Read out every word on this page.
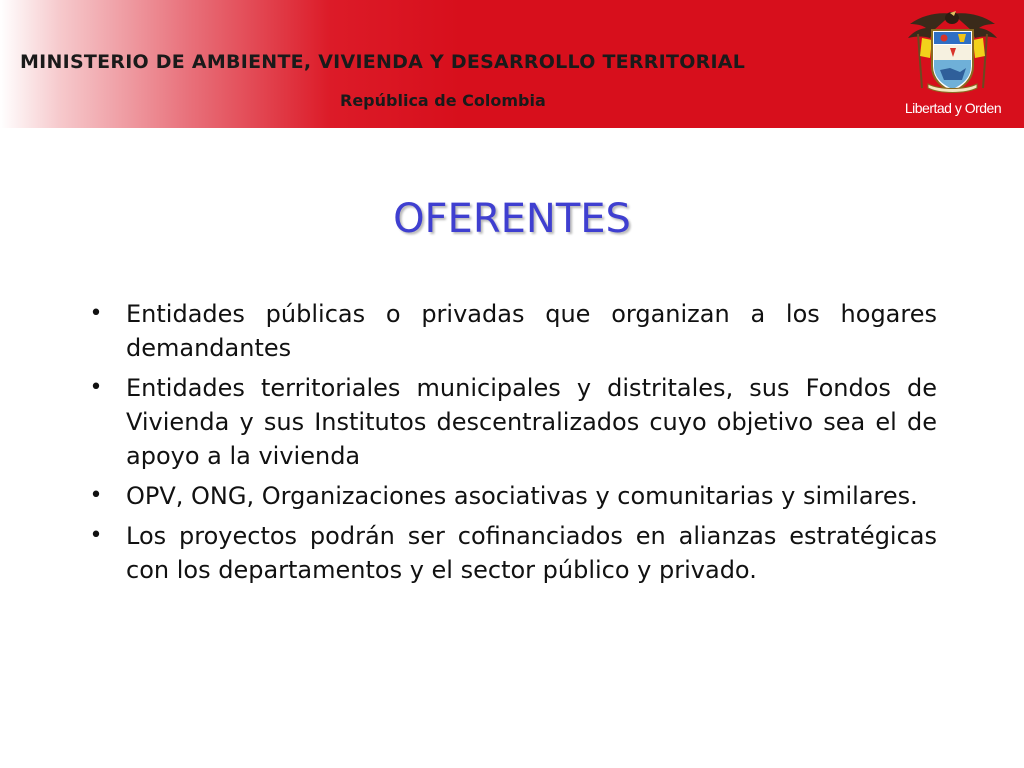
MINISTERIO DE AMBIENTE, VIVIENDA Y DESARROLLO TERRITORIAL
República de Colombia	Libertad y Orden
OFERENTES
• Entidades públicas o privadas que organizan a los hogares demandantes
• Entidades territoriales municipales y distritales, sus Fondos de Vivienda y sus Institutos descentralizados cuyo objetivo sea el de apoyo a la vivienda
• OPV, ONG, Organizaciones asociativas y comunitarias y similares.
• Los proyectos podrán ser cofinanciados en alianzas estratégicas con los departamentos y el sector público y privado.
